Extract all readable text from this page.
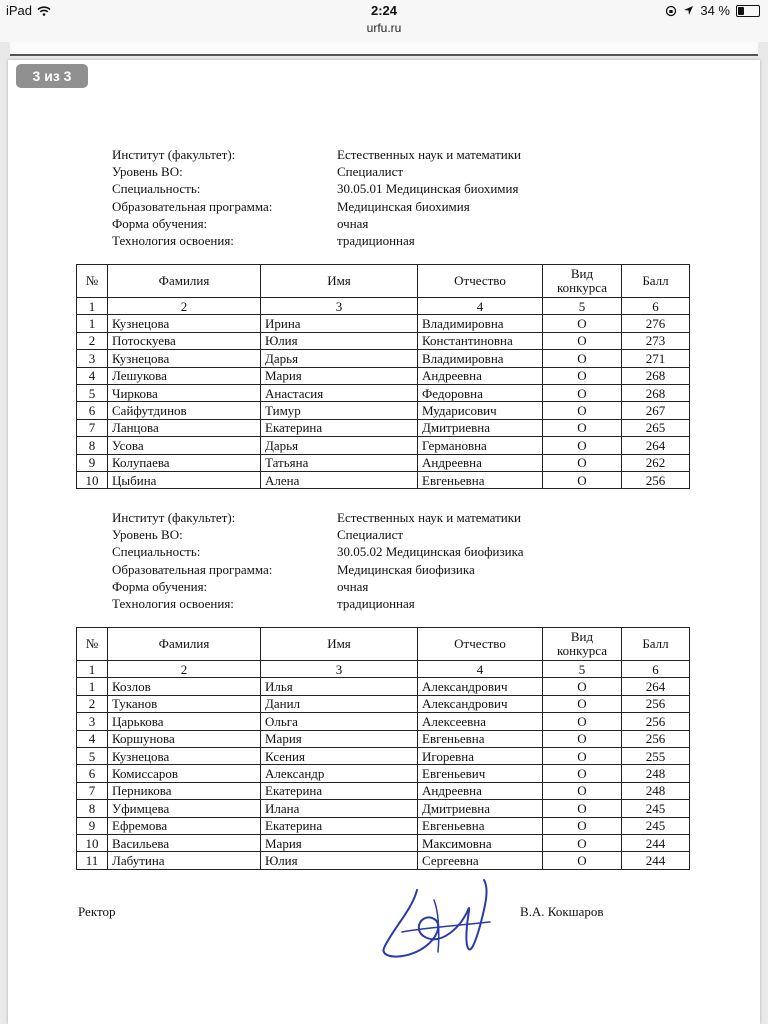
iPad	2:24	34 %
urfu.ru
3 из 3
Институт (факультет):	Естественных наук и математики
Уровень ВО:	Специалист
Специальность:	30.05.01 Медицинская биохимия
Образовательная программа:	Медицинская биохимия
Форма обучения:	очная
Технология освоения:	традиционная
№	Фамилия	Имя	Отчество	Вид конкурса	Балл
1	2	3	4	5	6
1	Кузнецова	Ирина	Владимировна	О	276
2	Потоскуева	Юлия	Константиновна	О	273
3	Кузнецова	Дарья	Владимировна	О	271
4	Лешукова	Мария	Андреевна	О	268
5	Чиркова	Анастасия	Федоровна	О	268
6	Сайфутдинов	Тимур	Мударисович	О	267
7	Ланцова	Екатерина	Дмитриевна	О	265
8	Усова	Дарья	Германовна	О	264
9	Колупаева	Татьяна	Андреевна	О	262
10	Цыбина	Алена	Евгеньевна	О	256
Институт (факультет):	Естественных наук и математики
Уровень ВО:	Специалист
Специальность:	30.05.02 Медицинская биофизика
Образовательная программа:	Медицинская биофизика
Форма обучения:	очная
Технология освоения:	традиционная
№	Фамилия	Имя	Отчество	Вид конкурса	Балл
1	2	3	4	5	6
1	Козлов	Илья	Александрович	О	264
2	Туканов	Данил	Александрович	О	256
3	Царькова	Ольга	Алексеевна	О	256
4	Коршунова	Мария	Евгеньевна	О	256
5	Кузнецова	Ксения	Игоревна	О	255
6	Комиссаров	Александр	Евгеньевич	О	248
7	Перникова	Екатерина	Андреевна	О	248
8	Уфимцева	Илана	Дмитриевна	О	245
9	Ефремова	Екатерина	Евгеньевна	О	245
10	Васильева	Мария	Максимовна	О	244
11	Лабутина	Юлия	Сергеевна	О	244
Ректор	В.А. Кокшаров
